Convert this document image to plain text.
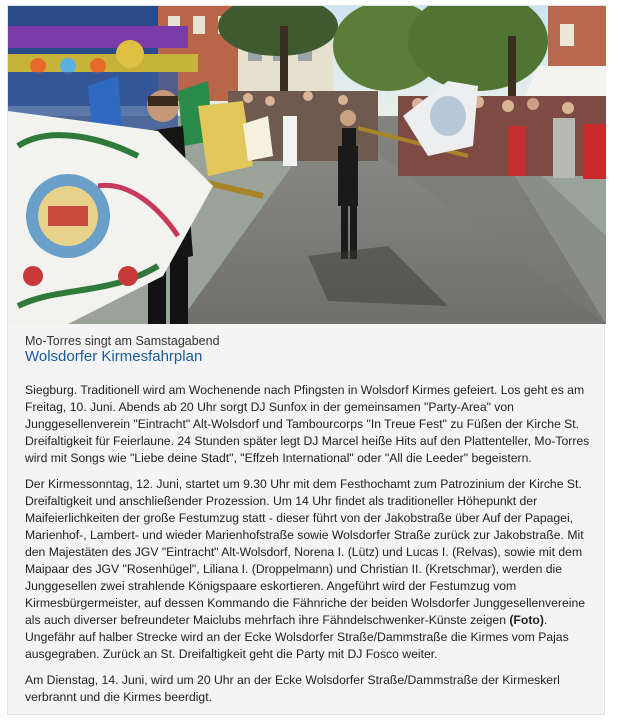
Mo-Torres singt am Samstagabend
Wolsdorfer Kirmesfahrplan

Siegburg. Traditionell wird am Wochenende nach Pfingsten in Wolsdorf Kirmes gefeiert. Los geht es am Freitag, 10. Juni. Abends ab 20 Uhr sorgt DJ Sunfox in der gemeinsamen "Party-Area" von Junggesellenverein "Eintracht" Alt-Wolsdorf und Tambourcorps "In Treue Fest" zu Füßen der Kirche St. Dreifaltigkeit für Feierlaune. 24 Stunden später legt DJ Marcel heiße Hits auf den Plattenteller, Mo-Torres wird mit Songs wie "Liebe deine Stadt", "Effzeh International" oder "All die Leeder" begeistern.

Der Kirmessonntag, 12. Juni, startet um 9.30 Uhr mit dem Festhochamt zum Patrozinium der Kirche St. Dreifaltigkeit und anschließender Prozession. Um 14 Uhr findet als traditioneller Höhepunkt der Maifeierlichkeiten der große Festumzug statt - dieser führt von der Jakobstraße über Auf der Papagei, Marienhof-, Lambert- und wieder Marienhofstraße sowie Wolsdorfer Straße zurück zur Jakobstraße. Mit den Majestäten des JGV "Eintracht" Alt-Wolsdorf, Norena I. (Lütz) und Lucas I. (Relvas), sowie mit dem Maipaar des JGV "Rosenhügel", Liliana I. (Droppelmann) und Christian II. (Kretschmar), werden die Junggesellen zwei strahlende Königspaare eskortieren. Angeführt wird der Festumzug vom Kirmesbürgermeister, auf dessen Kommando die Fähnriche der beiden Wolsdorfer Junggesellenvereine als auch diverser befreundeter Maiclubs mehrfach ihre Fähndelschwenker-Künste zeigen (Foto). Ungefähr auf halber Strecke wird an der Ecke Wolsdorfer Straße/Dammstraße die Kirmes vom Pajas ausgegraben. Zurück an St. Dreifaltigkeit geht die Party mit DJ Fosco weiter.

Am Dienstag, 14. Juni, wird um 20 Uhr an der Ecke Wolsdorfer Straße/Dammstraße der Kirmeskerl verbrannt und die Kirmes beerdigt.
